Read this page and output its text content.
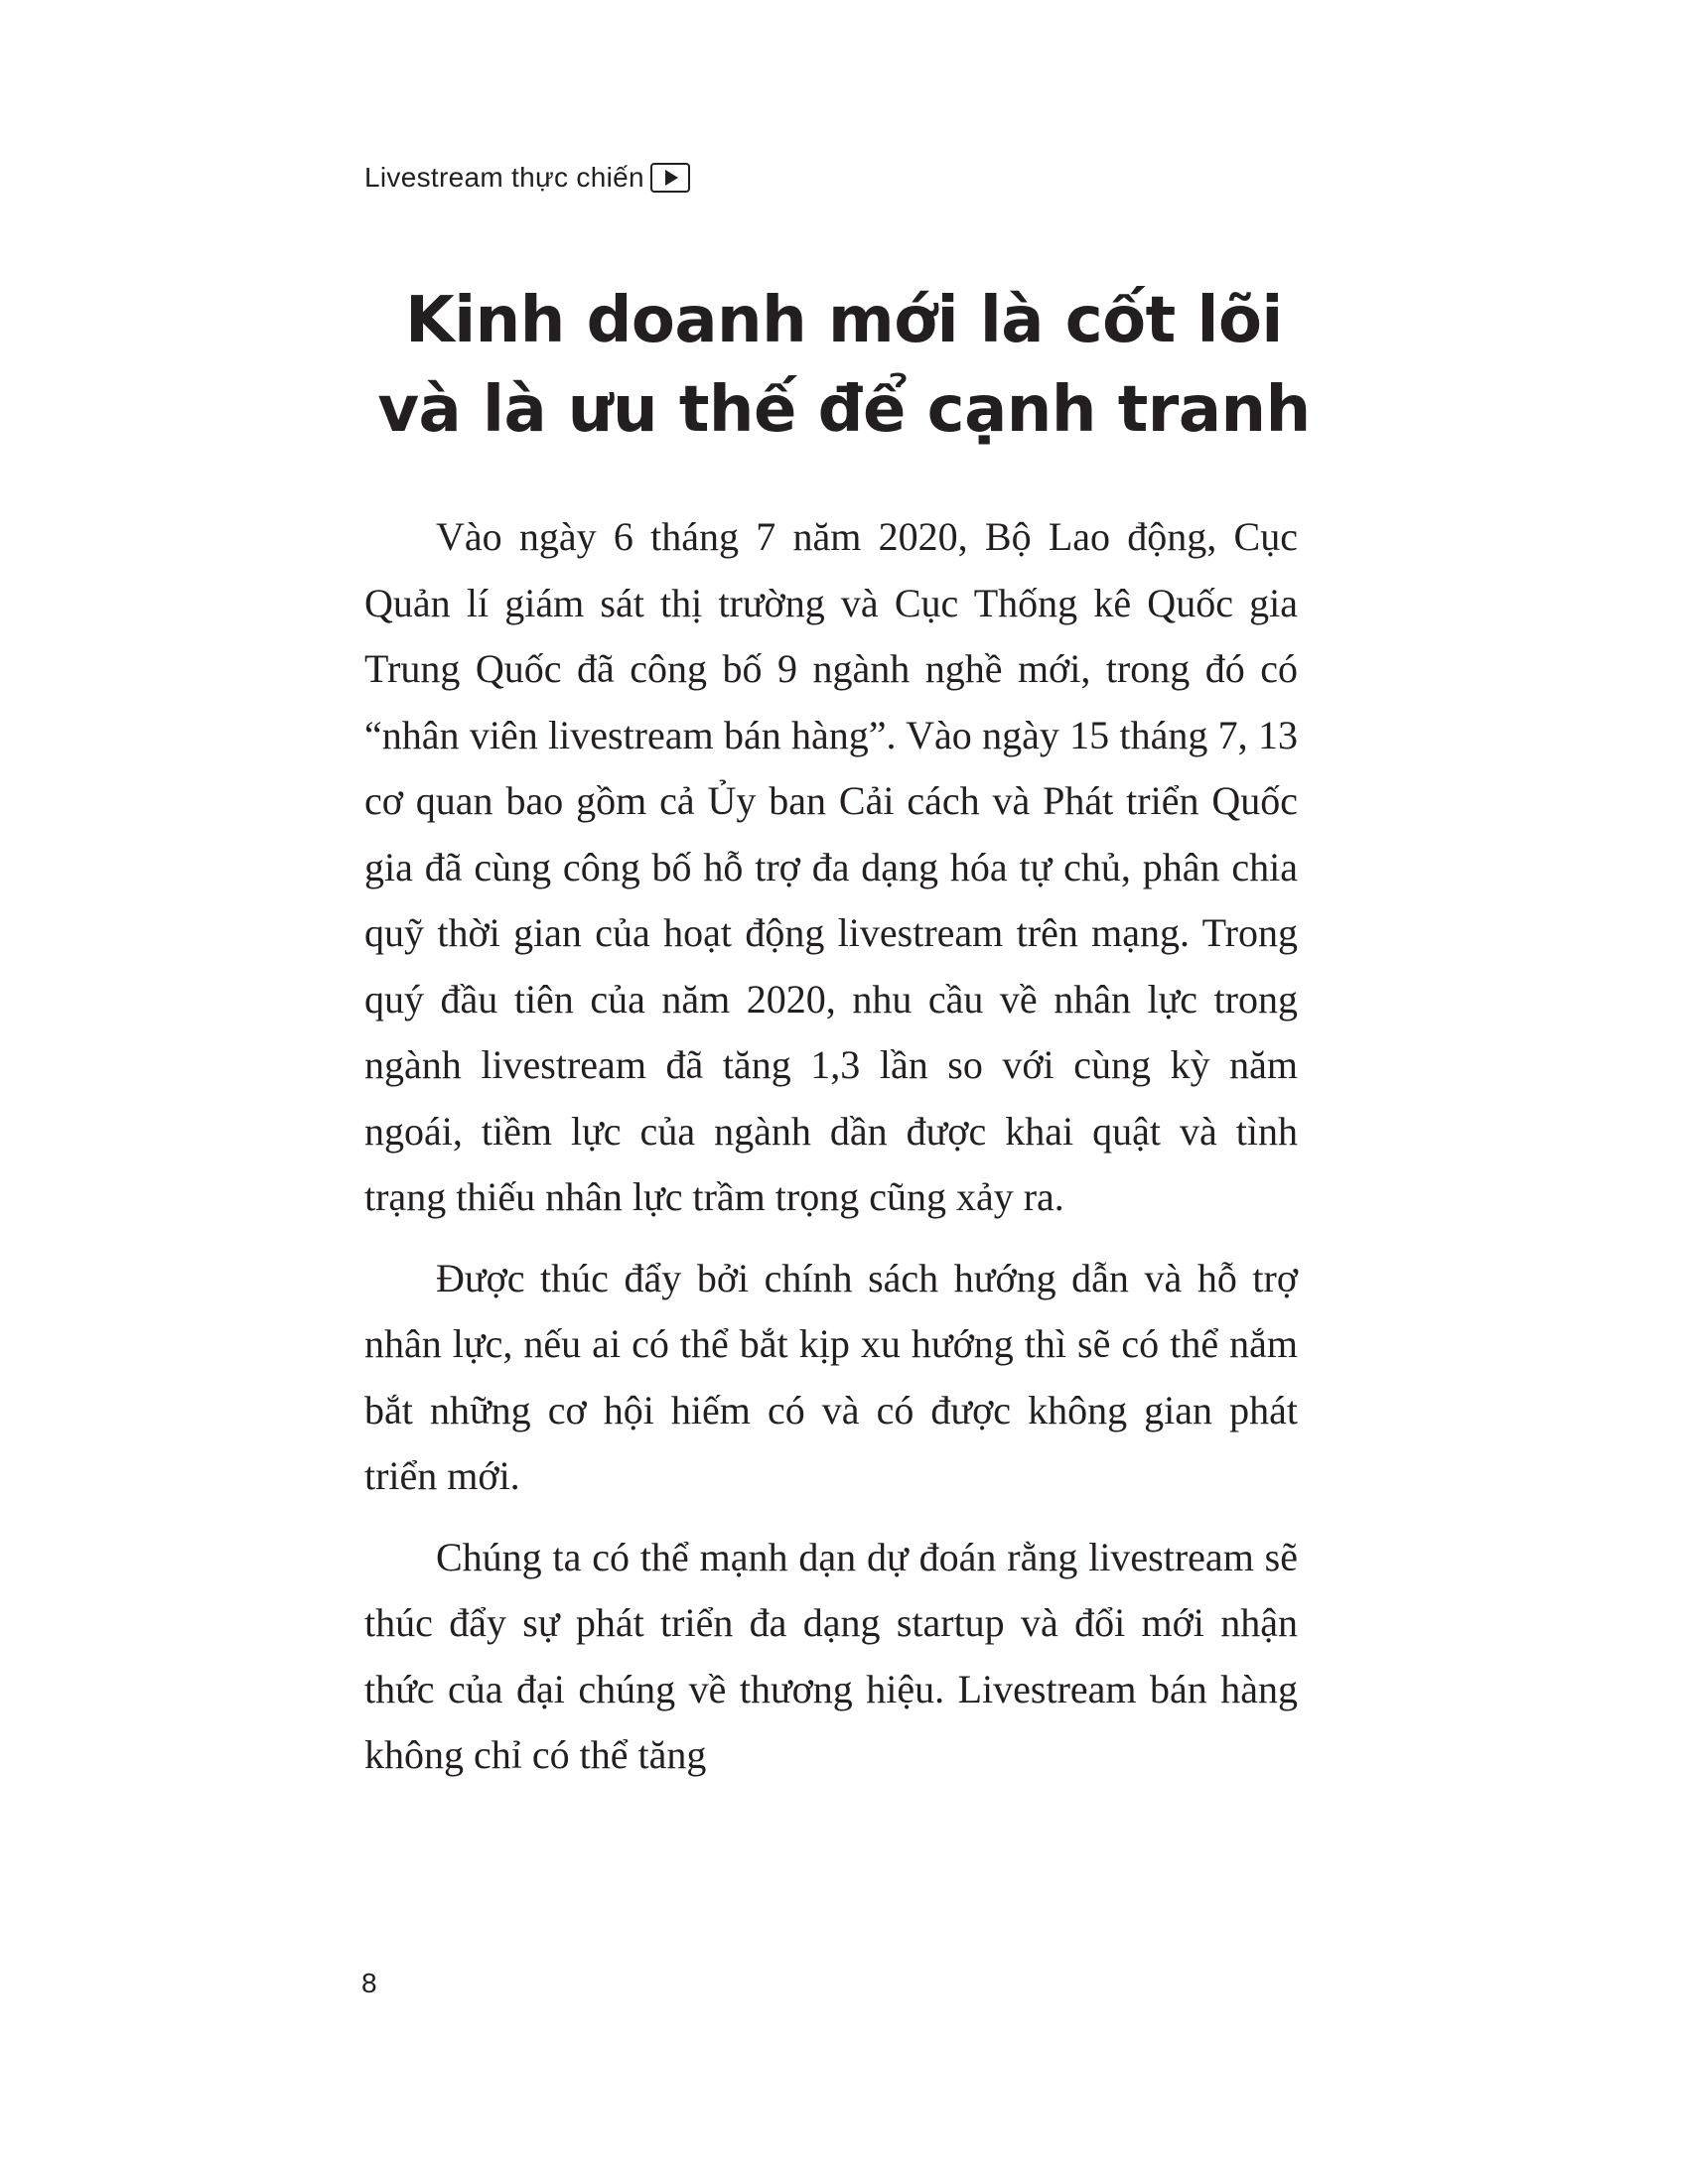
Livestream thực chiến
Kinh doanh mới là cốt lõi
và là ưu thế để cạnh tranh

Vào ngày 6 tháng 7 năm 2020, Bộ Lao động, Cục Quản lí giám sát thị trường và Cục Thống kê Quốc gia Trung Quốc đã công bố 9 ngành nghề mới, trong đó có “nhân viên livestream bán hàng”. Vào ngày 15 tháng 7, 13 cơ quan bao gồm cả Ủy ban Cải cách và Phát triển Quốc gia đã cùng công bố hỗ trợ đa dạng hóa tự chủ, phân chia quỹ thời gian của hoạt động livestream trên mạng. Trong quý đầu tiên của năm 2020, nhu cầu về nhân lực trong ngành livestream đã tăng 1,3 lần so với cùng kỳ năm ngoái, tiềm lực của ngành dần được khai quật và tình trạng thiếu nhân lực trầm trọng cũng xảy ra.

Được thúc đẩy bởi chính sách hướng dẫn và hỗ trợ nhân lực, nếu ai có thể bắt kịp xu hướng thì sẽ có thể nắm bắt những cơ hội hiếm có và có được không gian phát triển mới.

Chúng ta có thể mạnh dạn dự đoán rằng livestream sẽ thúc đẩy sự phát triển đa dạng startup và đổi mới nhận thức của đại chúng về thương hiệu. Livestream bán hàng không chỉ có thể tăng

8
